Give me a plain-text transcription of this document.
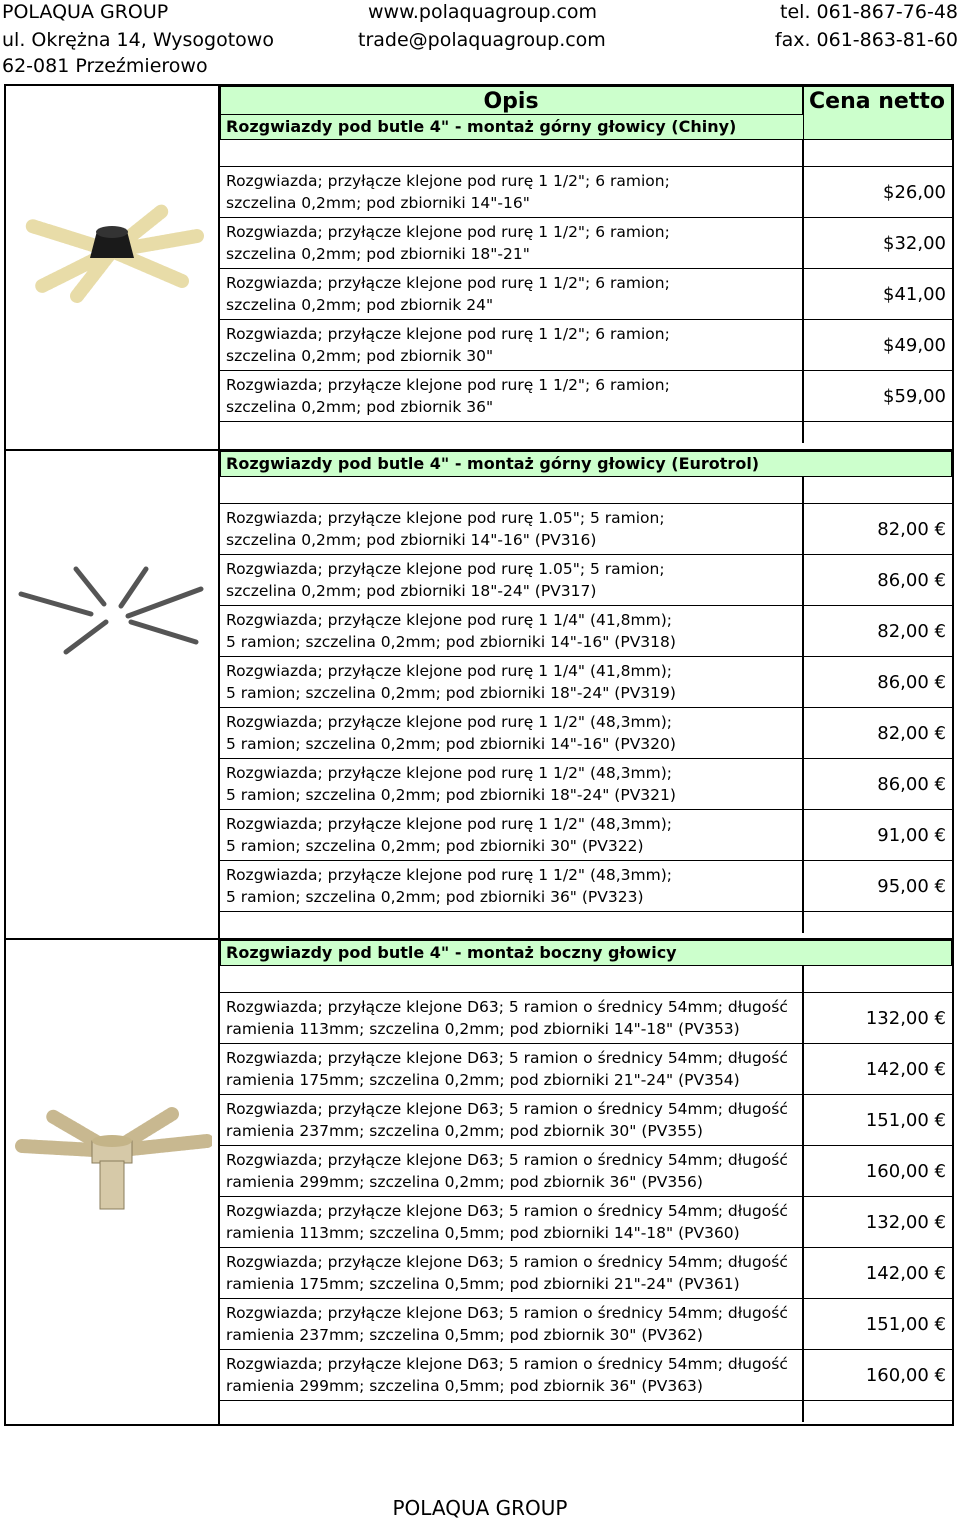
POLAQUA GROUP
ul. Okrężna 14, Wysogotowo
62-081 Przeźmierowo
www.polaquagroup.com
trade@polaquagroup.com
tel. 061-867-76-48
fax. 061-863-81-60
Opis	Cena netto
Rozgwiazdy pod butle 4" - montaż górny głowicy (Chiny)
Rozgwiazdy pod butle 4" - montaż górny głowicy (Eurotrol)
Rozgwiazdy pod butle 4" - montaż boczny głowicy
Rozgwiazda; przyłącze klejone pod rurę 1 1/2"; 6 ramion;
szczelina 0,2mm; pod zbiorniki 14"-16"
$26,00
Rozgwiazda; przyłącze klejone pod rurę 1 1/2"; 6 ramion;
szczelina 0,2mm; pod zbiorniki 18"-21"
$32,00
Rozgwiazda; przyłącze klejone pod rurę 1 1/2"; 6 ramion;
szczelina 0,2mm; pod zbiornik 24"
$41,00
Rozgwiazda; przyłącze klejone pod rurę 1 1/2"; 6 ramion;
szczelina 0,2mm; pod zbiornik 30"
$49,00
Rozgwiazda; przyłącze klejone pod rurę 1 1/2"; 6 ramion;
szczelina 0,2mm; pod zbiornik 36"
$59,00
Rozgwiazda; przyłącze klejone pod rurę 1.05"; 5 ramion;
szczelina 0,2mm; pod zbiorniki 14"-16" (PV316)
82,00 €
Rozgwiazda; przyłącze klejone pod rurę 1.05"; 5 ramion;
szczelina 0,2mm; pod zbiorniki 18"-24" (PV317)
86,00 €
Rozgwiazda; przyłącze klejone pod rurę 1 1/4" (41,8mm);
5 ramion; szczelina 0,2mm; pod zbiorniki 14"-16" (PV318)
82,00 €
Rozgwiazda; przyłącze klejone pod rurę 1 1/4" (41,8mm);
5 ramion; szczelina 0,2mm; pod zbiorniki 18"-24" (PV319)
86,00 €
Rozgwiazda; przyłącze klejone pod rurę 1 1/2" (48,3mm);
5 ramion; szczelina 0,2mm; pod zbiorniki 14"-16" (PV320)
82,00 €
Rozgwiazda; przyłącze klejone pod rurę 1 1/2" (48,3mm);
5 ramion; szczelina 0,2mm; pod zbiorniki 18"-24" (PV321)
86,00 €
Rozgwiazda; przyłącze klejone pod rurę 1 1/2" (48,3mm);
5 ramion; szczelina 0,2mm; pod zbiorniki 30" (PV322)
91,00 €
Rozgwiazda; przyłącze klejone pod rurę 1 1/2" (48,3mm);
5 ramion; szczelina 0,2mm; pod zbiorniki 36" (PV323)
95,00 €
Rozgwiazda; przyłącze klejone D63; 5 ramion o średnicy 54mm; długość
ramienia 113mm; szczelina 0,2mm; pod zbiorniki 14"-18" (PV353)
132,00 €
Rozgwiazda; przyłącze klejone D63; 5 ramion o średnicy 54mm; długość
ramienia 175mm; szczelina 0,2mm; pod zbiorniki 21"-24" (PV354)
142,00 €
Rozgwiazda; przyłącze klejone D63; 5 ramion o średnicy 54mm; długość
ramienia 237mm; szczelina 0,2mm; pod zbiornik 30" (PV355)
151,00 €
Rozgwiazda; przyłącze klejone D63; 5 ramion o średnicy 54mm; długość
ramienia 299mm; szczelina 0,2mm; pod zbiornik 36" (PV356)
160,00 €
Rozgwiazda; przyłącze klejone D63; 5 ramion o średnicy 54mm; długość
ramienia 113mm; szczelina 0,5mm; pod zbiorniki 14"-18" (PV360)
132,00 €
Rozgwiazda; przyłącze klejone D63; 5 ramion o średnicy 54mm; długość
ramienia 175mm; szczelina 0,5mm; pod zbiorniki 21"-24" (PV361)
142,00 €
Rozgwiazda; przyłącze klejone D63; 5 ramion o średnicy 54mm; długość
ramienia 237mm; szczelina 0,5mm; pod zbiornik 30" (PV362)
151,00 €
Rozgwiazda; przyłącze klejone D63; 5 ramion o średnicy 54mm; długość
ramienia 299mm; szczelina 0,5mm; pod zbiornik 36" (PV363)
160,00 €
POLAQUA GROUP
